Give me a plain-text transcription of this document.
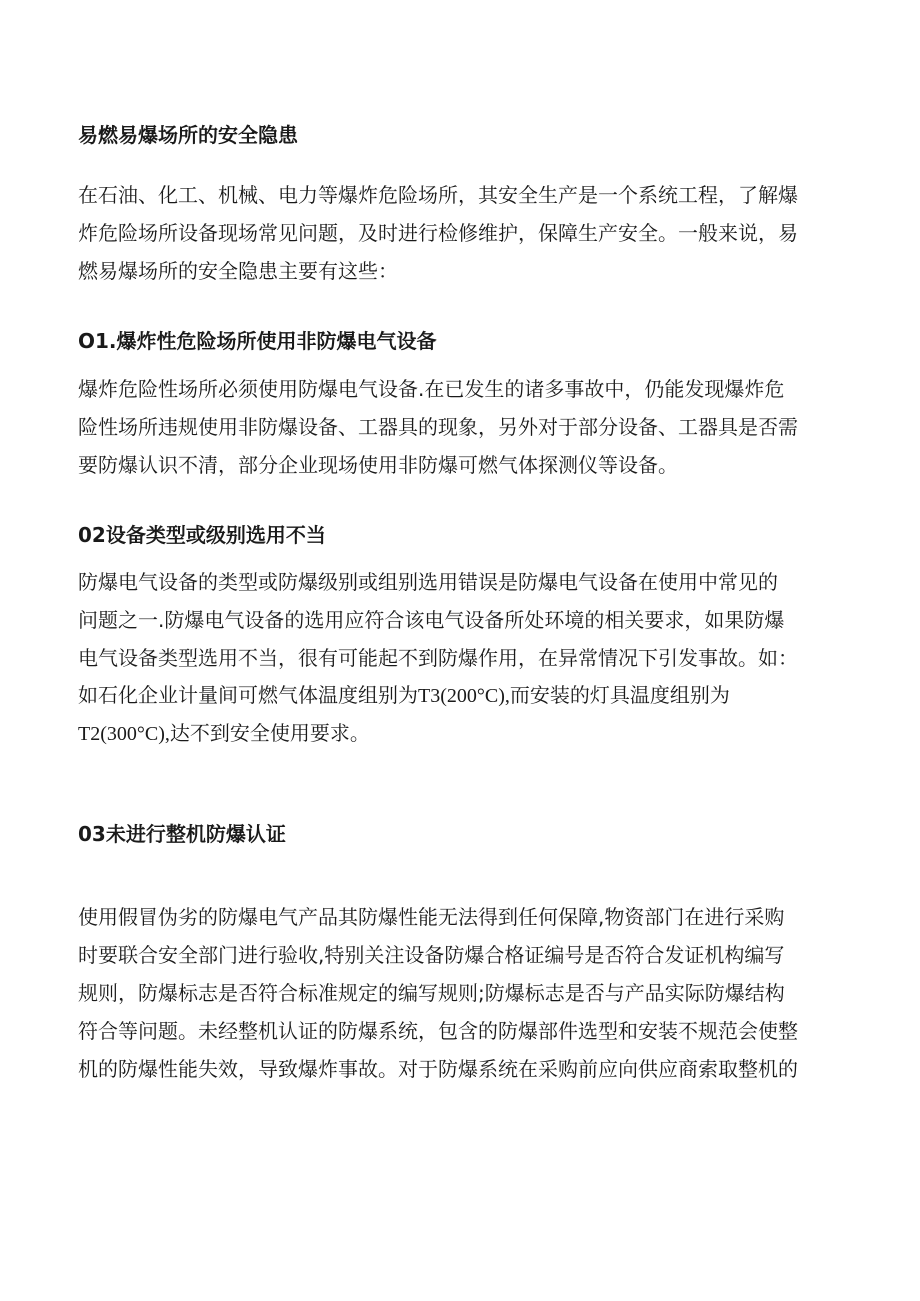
易燃易爆场所的安全隐患
在石油、化工、机械、电力等爆炸危险场所，其安全生产是一个系统工程，了解爆
炸危险场所设备现场常见问题，及时进行检修维护，保障生产安全。一般来说，易
燃易爆场所的安全隐患主要有这些：
O1.爆炸性危险场所使用非防爆电气设备
爆炸危险性场所必须使用防爆电气设备.在已发生的诸多事故中，仍能发现爆炸危
险性场所违规使用非防爆设备、工器具的现象，另外对于部分设备、工器具是否需
要防爆认识不清，部分企业现场使用非防爆可燃气体探测仪等设备。
02设备类型或级别选用不当
防爆电气设备的类型或防爆级别或组别选用错误是防爆电气设备在使用中常见的
问题之一.防爆电气设备的选用应符合该电气设备所处环境的相关要求，如果防爆
电气设备类型选用不当，很有可能起不到防爆作用，在异常情况下引发事故。如：
如石化企业计量间可燃气体温度组别为T3(200°C),而安装的灯具温度组别为
T2(300°C),达不到安全使用要求。
03未进行整机防爆认证
使用假冒伪劣的防爆电气产品其防爆性能无法得到任何保障,物资部门在进行采购
时要联合安全部门进行验收,特别关注设备防爆合格证编号是否符合发证机构编写
规则，防爆标志是否符合标准规定的编写规则;防爆标志是否与产品实际防爆结构
符合等问题。未经整机认证的防爆系统，包含的防爆部件选型和安装不规范会使整
机的防爆性能失效，导致爆炸事故。对于防爆系统在采购前应向供应商索取整机的
